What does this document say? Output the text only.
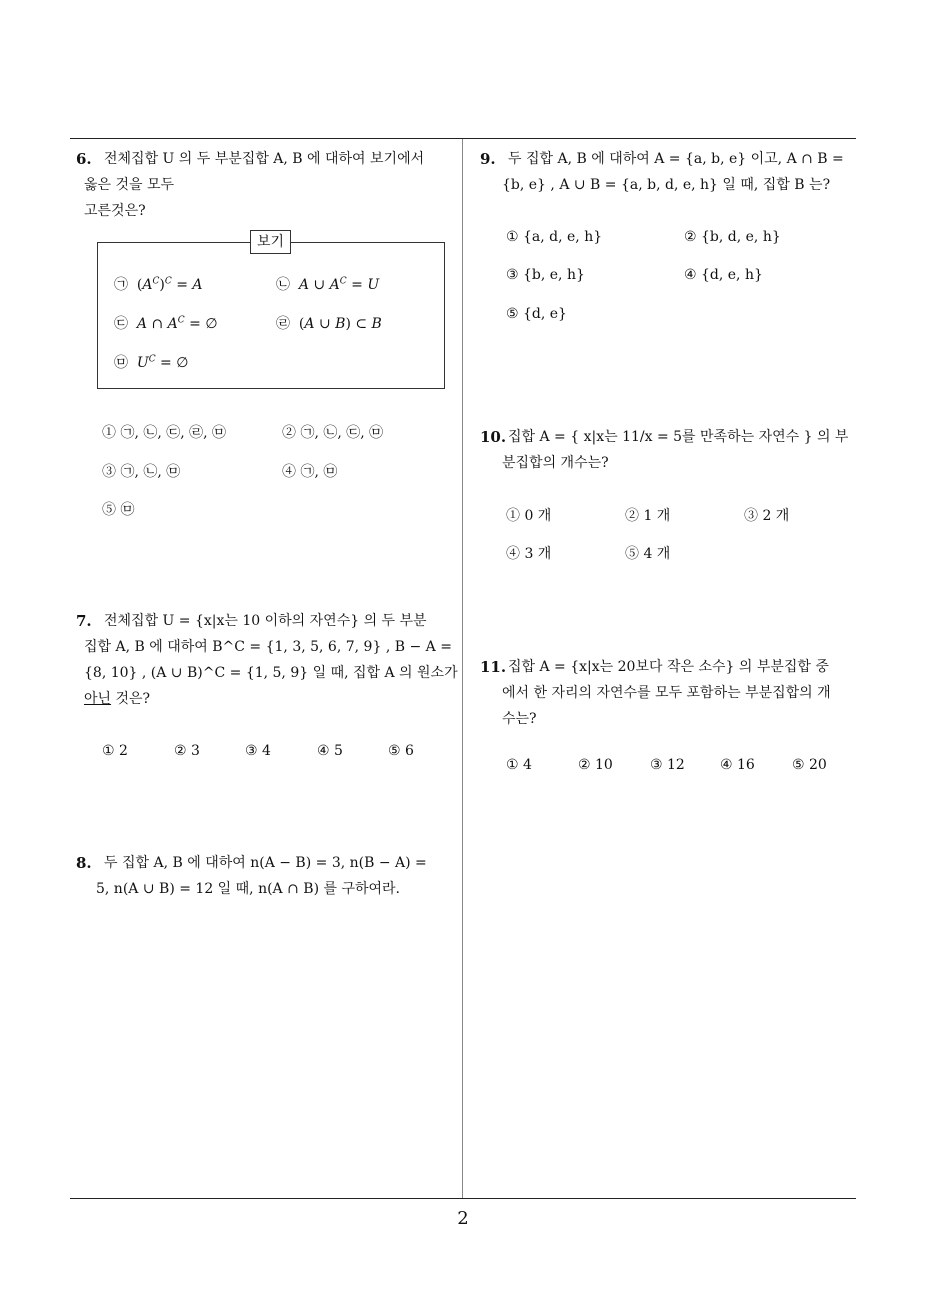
6. 전체집합 U 의 두 부분집합 A, B 에 대하여 보기에서
옳은 것을 모두
고른것은?
보기
㉠  $(A^C)^C = A$	㉡  A ∪ $A^C = U$
㉢  A ∩ $A^C$ = ∅	㉣  (A ∪ B) ⊂ B
㉤  $U^C$ = ∅
① ㉠, ㉡, ㉢, ㉣, ㉤	② ㉠, ㉡, ㉢, ㉤
③ ㉠, ㉡, ㉤	④ ㉠, ㉤
⑤ ㉤
7. 전체집합 U = {x|x는 10 이하의 자연수} 의 두 부분
집합 A, B 에 대하여 B^C = {1, 3, 5, 6, 7, 9} , B − A =
{8, 10} , (A ∪ B)^C = {1, 5, 9} 일 때, 집합 A 의 원소가
아닌 것은?
① 2	② 3	③ 4	④ 5	⑤ 6
8. 두 집합 A, B 에 대하여 n(A − B) = 3, n(B − A) =
5, n(A ∪ B) = 12 일 때, n(A ∩ B) 를 구하여라.
9. 두 집합 A, B 에 대하여 A = {a, b, e} 이고, A ∩ B =
{b, e} , A ∪ B = {a, b, d, e, h} 일 때, 집합 B 는?
① {a, d, e, h}	② {b, d, e, h}
③ {b, e, h}	④ {d, e, h}
⑤ {d, e}
10. 집합 A = { x|x는 11/x = 5를 만족하는 자연수 } 의 부
분집합의 개수는?
① 0 개	② 1 개	③ 2 개
④ 3 개	⑤ 4 개
11. 집합 A = {x|x는 20보다 작은 소수} 의 부분집합 중
에서 한 자리의 자연수를 모두 포함하는 부분집합의 개
수는?
① 4	② 10	③ 12	④ 16	⑤ 20
2
